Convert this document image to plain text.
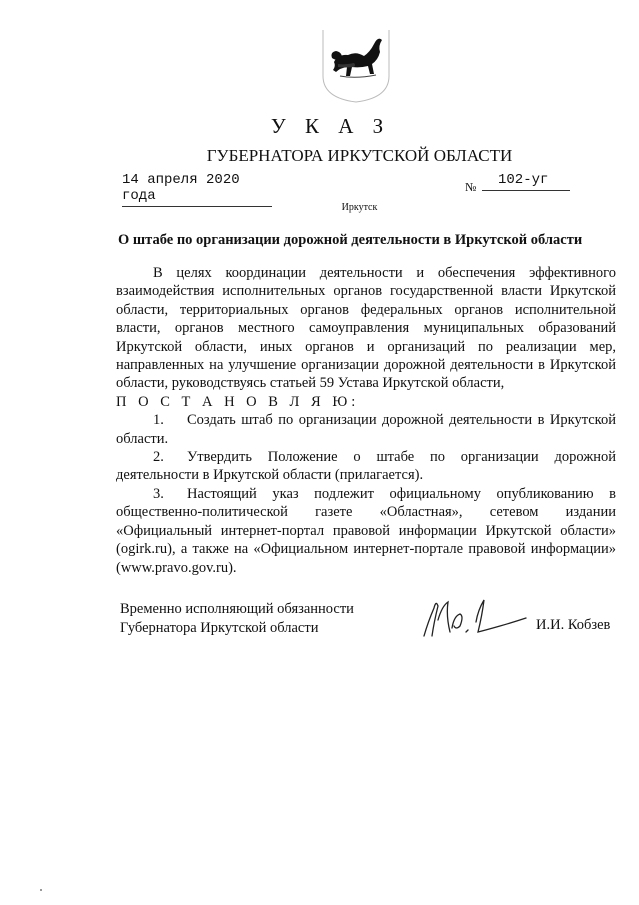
У К А З
ГУБЕРНАТОРА ИРКУТСКОЙ ОБЛАСТИ
14 апреля 2020 года
№	102-уг
Иркутск
О штабе по организации дорожной деятельности в Иркутской области

В целях координации деятельности и обеспечения эффективного взаимодействия исполнительных органов государственной власти Иркутской области, территориальных органов федеральных органов исполнительной власти, органов местного самоуправления муниципальных образований Иркутской области, иных органов и организаций по реализации мер, направленных на улучшение организации дорожной деятельности в Иркутской области, руководствуясь статьей 59 Устава Иркутской области,

П О С Т А Н О В Л Я Ю:

1. Создать штаб по организации дорожной деятельности в Иркутской области.

2. Утвердить Положение о штабе по организации дорожной деятельности в Иркутской области (прилагается).

3. Настоящий указ подлежит официальному опубликованию в общественно-политической газете «Областная», сетевом издании «Официальный интернет-портал правовой информации Иркутской области» (ogirk.ru), а также на «Официальном интернет-портале правовой информации» (www.pravo.gov.ru).

Временно исполняющий обязанности

Губернатора Иркутской области	И.И. Кобзев
